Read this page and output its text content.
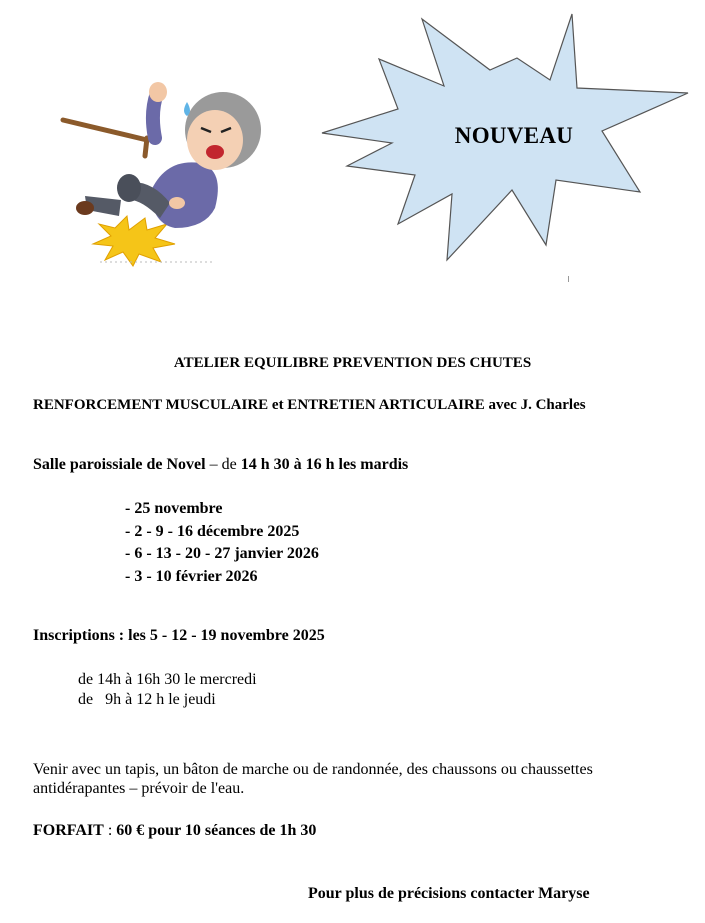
NOUVEAU
ATELIER EQUILIBRE PREVENTION DES CHUTES
RENFORCEMENT MUSCULAIRE et ENTRETIEN ARTICULAIRE avec J. Charles
Salle paroissiale de Novel – de 14 h 30 à 16 h les mardis
- 25 novembre
- 2 - 9 - 16 décembre 2025
- 6 - 13 - 20 - 27 janvier 2026
- 3 - 10 février 2026
Inscriptions : les 5 - 12 - 19 novembre 2025
de 14h à 16h 30 le mercredi
de   9h à 12 h le jeudi
Venir avec un tapis, un bâton de marche ou de randonnée, des chaussons ou chaussettes antidérapantes – prévoir de l'eau.
FORFAIT : 60 € pour 10 séances de 1h 30
Pour plus de précisions contacter Maryse
